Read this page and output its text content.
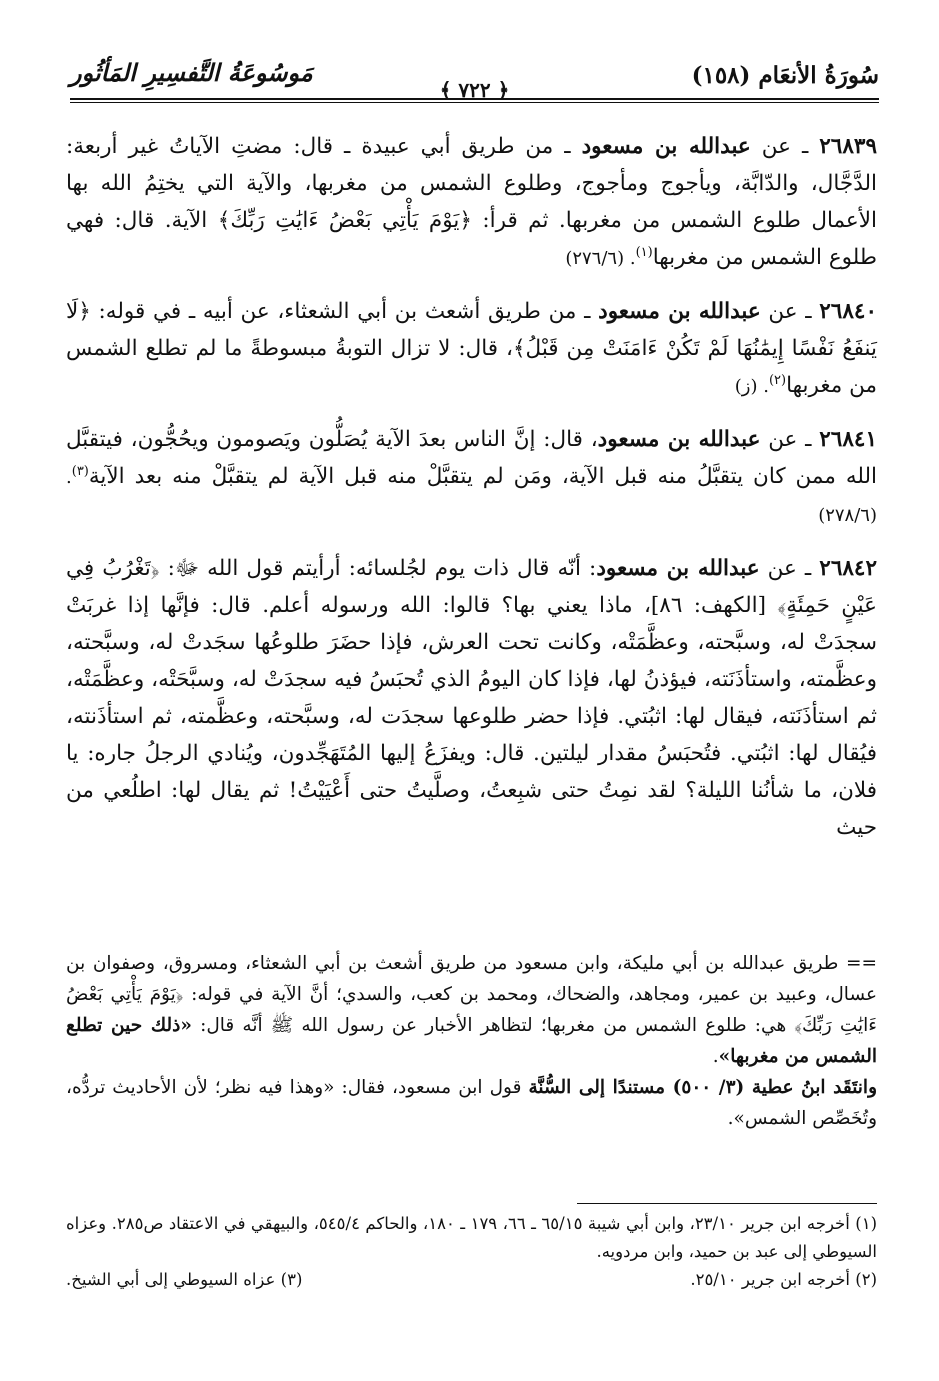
سُورَةُ الأنعَام (١٥٨)
﴿ ٧٢٢ ﴾
مَوسُوعَةُ التَّفسِيرِ المَأثُور

٢٦٨٣٩ ـ عن عبدالله بن مسعود ـ من طريق أبي عبيدة ـ قال: مضتِ الآياتُ غير أربعة: الدَّجَّال، والدّابَّة، ويأجوج ومأجوج، وطلوع الشمس من مغربها، والآية التي يختِمُ الله بها الأعمال طلوع الشمس من مغربها. ثم قرأ: ﴿يَوْمَ يَأْتِي بَعْضُ ءَايَٰتِ رَبِّكَ﴾ الآية. قال: فهي طلوع الشمس من مغربها$^{(١)}$. (٢٧٦/٦)

٢٦٨٤٠ ـ عن عبدالله بن مسعود ـ من طريق أشعث بن أبي الشعثاء، عن أبيه ـ في قوله: ﴿لَا يَنفَعُ نَفْسًا إِيمَٰنُهَا لَمْ تَكُنْ ءَامَنَتْ مِن قَبْلُ﴾، قال: لا تزال التوبةُ مبسوطةً ما لم تطلع الشمس من مغربها$^{(٢)}$. (ز)

٢٦٨٤١ ـ عن عبدالله بن مسعود، قال: إنَّ الناس بعدَ الآية يُصَلُّون ويَصومون ويحُجُّون، فيتقبَّل الله ممن كان يتقبَّلُ منه قبل الآية، ومَن لم يتقبَّلْ منه قبل الآية لم يتقبَّلْ منه بعد الآية$^{(٣)}$. (٢٧٨/٦)

٢٦٨٤٢ ـ عن عبدالله بن مسعود: أنّه قال ذات يوم لجُلسائه: أرأيتم قول الله ﷻ: ﴿تَغْرُبُ فِي عَيْنٍ حَمِئَةٍ﴾ [الكهف: ٨٦]، ماذا يعني بها؟ قالوا: الله ورسوله أعلم. قال: فإنَّها إذا غربَتْ سجدَتْ له، وسبَّحته، وعظَّمَتْه، وكانت تحت العرش، فإذا حضَرَ طلوعُها سجَدتْ له، وسبَّحته، وعظَّمته، واستأذَنَته، فيؤذنُ لها، فإذا كان اليومُ الذي تُحبَسُ فيه سجدَتْ له، وسبَّحَتْه، وعظَّمَتْه، ثم استأذَنَته، فيقال لها: اثبُتي. فإذا حضر طلوعها سجدَت له، وسبَّحته، وعظَّمته، ثم استأذَنته، فيُقال لها: اثبُتي. فتُحبَسُ مقدار ليلتين. قال: ويفزَعُ إليها المُتَهَجِّدون، ويُنادي الرجلُ جاره: يا فلان، ما شأنُنا الليلة؟ لقد نمِتُ حتى شبِعتُ، وصلَّيتُ حتى أَعْيَيْتُ! ثم يقال لها: اطلُعي من حيث

== طريق عبدالله بن أبي مليكة، وابن مسعود من طريق أشعث بن أبي الشعثاء، ومسروق، وصفوان بن عسال، وعبيد بن عمير، ومجاهد، والضحاك، ومحمد بن كعب، والسدي؛ أنَّ الآية في قوله: ﴿يَوْمَ يَأْتِي بَعْضُ ءَايَٰتِ رَبِّكَ﴾ هي: طلوع الشمس من مغربها؛ لتظاهر الأخبار عن رسول الله ﷺ أنَّه قال: «ذلك حين تطلع الشمس من مغربها».

وانتَقَد ابنُ عطية (٣/ ٥٠٠) مستندًا إلى السُّنَّة قول ابن مسعود، فقال: «وهذا فيه نظر؛ لأن الأحاديث تردُّه، وتُخَصِّص الشمس».

(١) أخرجه ابن جرير ٢٣/١٠، وابن أبي شيبة ٦٥/١٥ ـ ٦٦، ١٧٩ ـ ١٨٠، والحاكم ٥٤٥/٤، والبيهقي في الاعتقاد ص٢٨٥. وعزاه السيوطي إلى عبد بن حميد، وابن مردويه.

(٢) أخرجه ابن جرير ٢٥/١٠.
(٣) عزاه السيوطي إلى أبي الشيخ.
